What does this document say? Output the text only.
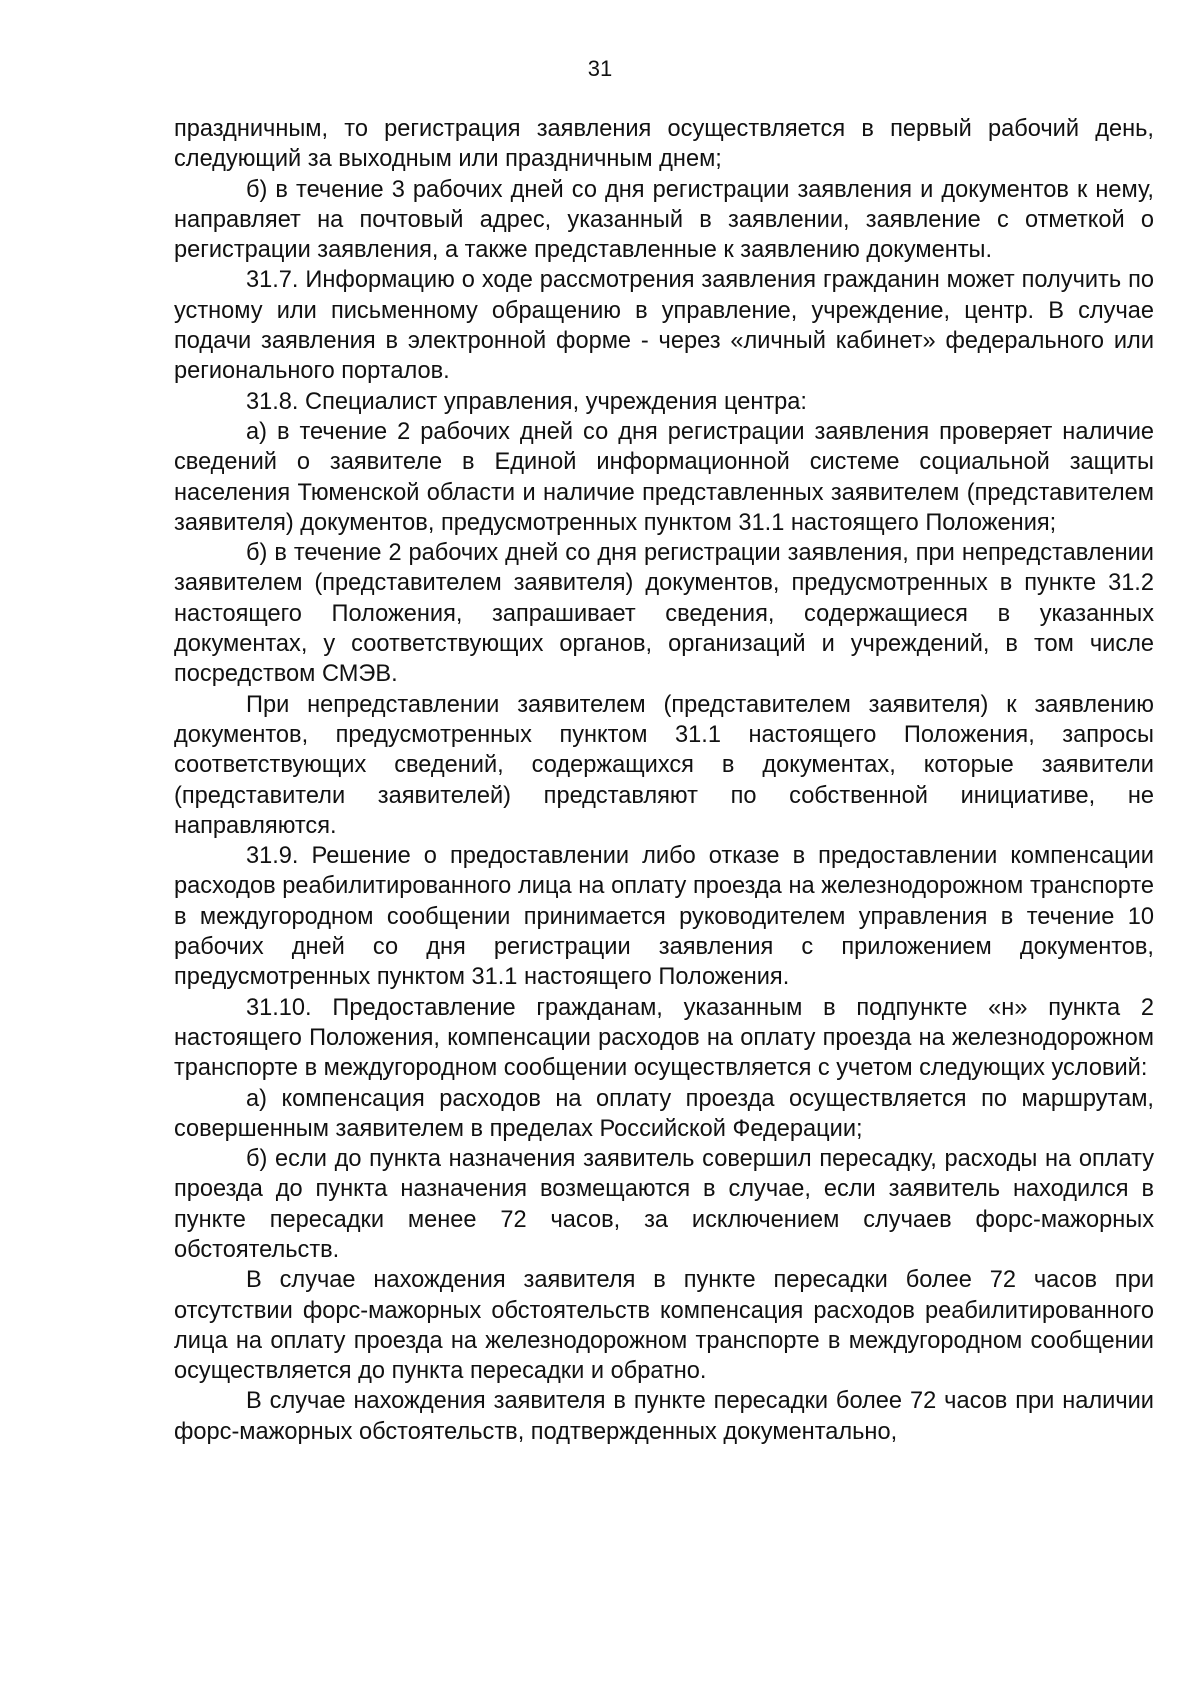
31

праздничным, то регистрация заявления осуществляется в первый рабочий день, следующий за выходным или праздничным днем;

б) в течение 3 рабочих дней со дня регистрации заявления и документов к нему, направляет на почтовый адрес, указанный в заявлении, заявление с отметкой о регистрации заявления, а также представленные к заявлению документы.

31.7. Информацию о ходе рассмотрения заявления гражданин может получить по устному или письменному обращению в управление, учреждение, центр. В случае подачи заявления в электронной форме - через «личный кабинет» федерального или регионального порталов.

31.8. Специалист управления, учреждения центра:

а) в течение 2 рабочих дней со дня регистрации заявления проверяет наличие сведений о заявителе в Единой информационной системе социальной защиты населения Тюменской области и наличие представленных заявителем (представителем заявителя) документов, предусмотренных пунктом 31.1 настоящего Положения;

б) в течение 2 рабочих дней со дня регистрации заявления, при непредставлении заявителем (представителем заявителя) документов, предусмотренных в пункте 31.2 настоящего Положения, запрашивает сведения, содержащиеся в указанных документах, у соответствующих органов, организаций и учреждений, в том числе посредством СМЭВ.

При непредставлении заявителем (представителем заявителя) к заявлению документов, предусмотренных пунктом 31.1 настоящего Положения, запросы соответствующих сведений, содержащихся в документах, которые заявители (представители заявителей) представляют по собственной инициативе, не направляются.

31.9. Решение о предоставлении либо отказе в предоставлении компенсации расходов реабилитированного лица на оплату проезда на железнодорожном транспорте в междугородном сообщении принимается руководителем управления в течение 10 рабочих дней со дня регистрации заявления с приложением документов, предусмотренных пунктом 31.1 настоящего Положения.

31.10. Предоставление гражданам, указанным в подпункте «н» пункта 2 настоящего Положения, компенсации расходов на оплату проезда на железнодорожном транспорте в междугородном сообщении осуществляется с учетом следующих условий:

а) компенсация расходов на оплату проезда осуществляется по маршрутам, совершенным заявителем в пределах Российской Федерации;

б) если до пункта назначения заявитель совершил пересадку, расходы на оплату проезда до пункта назначения возмещаются в случае, если заявитель находился в пункте пересадки менее 72 часов, за исключением случаев форс-мажорных обстоятельств.

В случае нахождения заявителя в пункте пересадки более 72 часов при отсутствии форс-мажорных обстоятельств компенсация расходов реабилитированного лица на оплату проезда на железнодорожном транспорте в междугородном сообщении осуществляется до пункта пересадки и обратно.

В случае нахождения заявителя в пункте пересадки более 72 часов при наличии форс-мажорных обстоятельств, подтвержденных документально,
